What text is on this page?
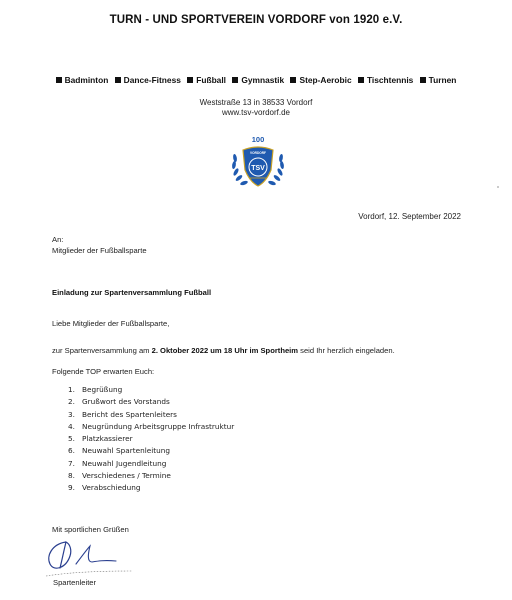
TURN - UND SPORTVEREIN VORDORF von 1920 e.V.
Badminton Dance-Fitness Fußball Gymnastik Step-Aerobic Tischtennis Turnen
Weststraße 13 in 38533 Vordorf
www.tsv-vordorf.de
100
VORDORF
TSV
Vordorf, 12. September 2022
An:
Mitglieder der Fußballsparte
Einladung zur Spartenversammlung Fußball
Liebe Mitglieder der Fußballsparte,
zur Spartenversammlung am 2. Oktober 2022 um 18 Uhr im Sportheim seid Ihr herzlich eingeladen.
Folgende TOP erwarten Euch:
1. Begrüßung
2. Grußwort des Vorstands
3. Bericht des Spartenleiters
4. Neugründung Arbeitsgruppe Infrastruktur
5. Platzkassierer
6. Neuwahl Spartenleitung
7. Neuwahl Jugendleitung
8. Verschiedenes / Termine
9. Verabschiedung
Mit sportlichen Grüßen
Spartenleiter
